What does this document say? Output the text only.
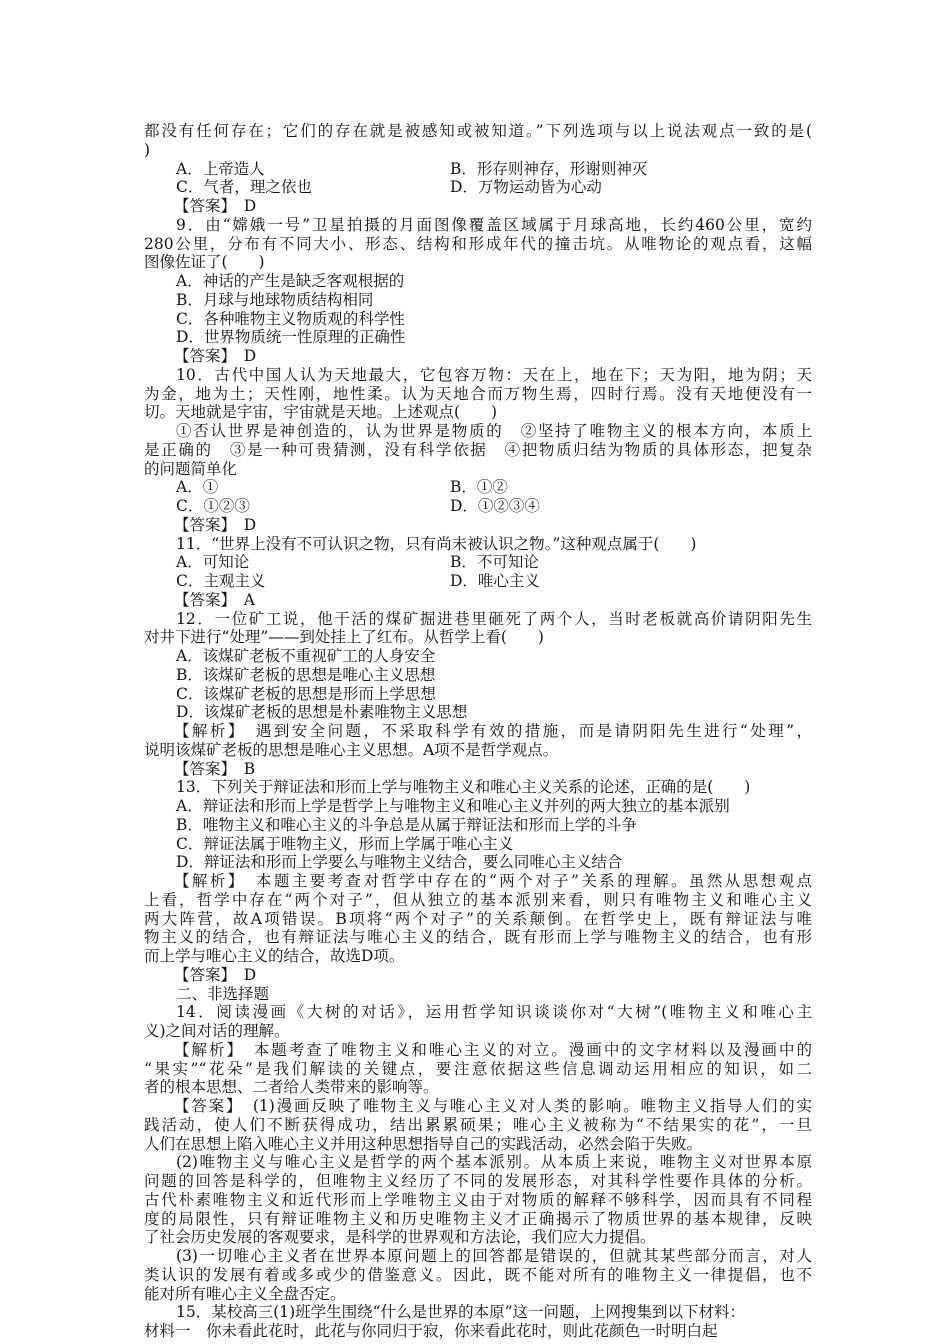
都没有任何存在；它们的存在就是被感知或被知道。”下列选项与以上说法观点一致的是(
)
A．上帝造人	B．形存则神存，形谢则神灭
C．气者，理之依也	D．万物运动皆为心动
【答案】　D
9．由“嫦娥一号”卫星拍摄的月面图像覆盖区域属于月球高地，长约460公里，宽约
280公里，分布有不同大小、形态、结构和形成年代的撞击坑。从唯物论的观点看，这幅
图像佐证了(　　)
A．神话的产生是缺乏客观根据的
B．月球与地球物质结构相同
C．各种唯物主义物质观的科学性
D．世界物质统一性原理的正确性
【答案】　D
10．古代中国人认为天地最大，它包容万物：天在上，地在下；天为阳，地为阴；天
为金，地为土；天性刚，地性柔。认为天地合而万物生焉，四时行焉。没有天地便没有一
切。天地就是宇宙，宇宙就是天地。上述观点(　　)
①否认世界是神创造的，认为世界是物质的　②坚持了唯物主义的根本方向，本质上
是正确的　③是一种可贵猜测，没有科学依据　④把物质归结为物质的具体形态，把复杂
的问题简单化
A．①	B．①②
C．①②③	D．①②③④
【答案】　D
11．“世界上没有不可认识之物，只有尚未被认识之物。”这种观点属于(　　)
A．可知论	B．不可知论
C．主观主义	D．唯心主义
【答案】　A
12．一位矿工说，他干活的煤矿掘进巷里砸死了两个人，当时老板就高价请阴阳先生
对井下进行“处理”——到处挂上了红布。从哲学上看(　　)
A．该煤矿老板不重视矿工的人身安全
B．该煤矿老板的思想是唯心主义思想
C．该煤矿老板的思想是形而上学思想
D．该煤矿老板的思想是朴素唯物主义思想
【解析】　遇到安全问题，不采取科学有效的措施，而是请阴阳先生进行“处理”，
说明该煤矿老板的思想是唯心主义思想。A项不是哲学观点。
【答案】　B
13．下列关于辩证法和形而上学与唯物主义和唯心主义关系的论述，正确的是(　　)
A．辩证法和形而上学是哲学上与唯物主义和唯心主义并列的两大独立的基本派别
B．唯物主义和唯心主义的斗争总是从属于辩证法和形而上学的斗争
C．辩证法属于唯物主义，形而上学属于唯心主义
D．辩证法和形而上学要么与唯物主义结合，要么同唯心主义结合
【解析】　本题主要考查对哲学中存在的“两个对子”关系的理解。虽然从思想观点
上看，哲学中存在“两个对子”，但从独立的基本派别来看，则只有唯物主义和唯心主义
两大阵营，故A项错误。B项将“两个对子”的关系颠倒。在哲学史上，既有辩证法与唯
物主义的结合，也有辩证法与唯心主义的结合，既有形而上学与唯物主义的结合，也有形
而上学与唯心主义的结合，故选D项。
【答案】　D
二、非选择题
14．阅读漫画《大树的对话》，运用哲学知识谈谈你对“大树”(唯物主义和唯心主
义)之间对话的理解。
【解析】　本题考查了唯物主义和唯心主义的对立。漫画中的文字材料以及漫画中的
“果实”“花朵”是我们解读的关键点，要注意依据这些信息调动运用相应的知识，如二
者的根本思想、二者给人类带来的影响等。
【答案】　(1)漫画反映了唯物主义与唯心主义对人类的影响。唯物主义指导人们的实
践活动，使人们不断获得成功，结出累累硕果；唯心主义被称为“不结果实的花”，一旦
人们在思想上陷入唯心主义并用这种思想指导自己的实践活动，必然会陷于失败。
(2)唯物主义与唯心主义是哲学的两个基本派别。从本质上来说，唯物主义对世界本原
问题的回答是科学的，但唯物主义经历了不同的发展形态，对其科学性要作具体的分析。
古代朴素唯物主义和近代形而上学唯物主义由于对物质的解释不够科学，因而具有不同程
度的局限性，只有辩证唯物主义和历史唯物主义才正确揭示了物质世界的基本规律，反映
了社会历史发展的客观要求，是科学的世界观和方法论，我们应大力提倡。
(3)一切唯心主义者在世界本原问题上的回答都是错误的，但就其某些部分而言，对人
类认识的发展有着或多或少的借鉴意义。因此，既不能对所有的唯物主义一律提倡，也不
能对所有唯心主义全盘否定。
15．某校高三(1)班学生围绕“什么是世界的本原”这一问题，上网搜集到以下材料：
材料一　你未看此花时，此花与你同归于寂，你来看此花时，则此花颜色一时明白起
